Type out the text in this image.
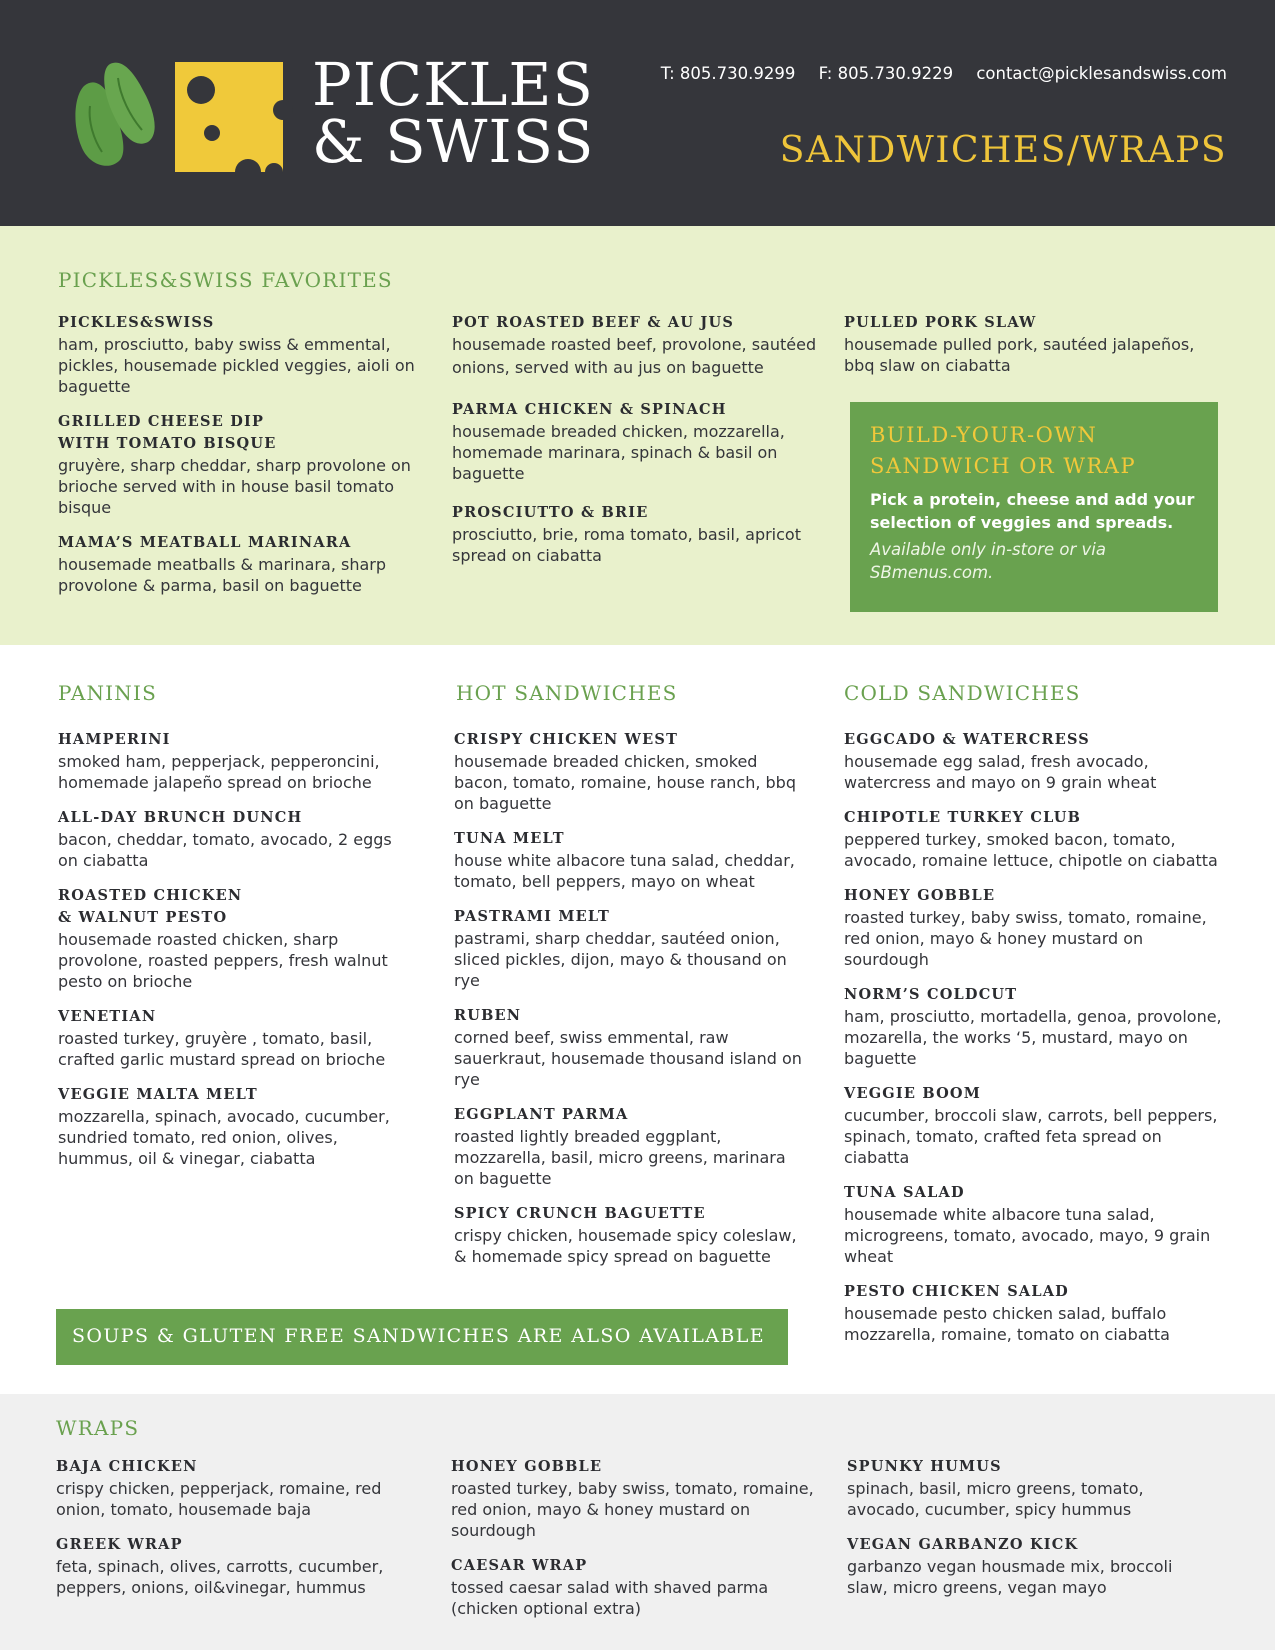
PICKLES
& SWISS
T: 805.730.9299 F: 805.730.9229 contact@picklesandswiss.com
SANDWICHES/WRAPS
PICKLES&SWISS FAVORITES
PICKLES&SWISS
ham, prosciutto, baby swiss & emmental, pickles, housemade pickled veggies, aioli on baguette
GRILLED CHEESE DIP WITH TOMATO BISQUE
gruyère, sharp cheddar, sharp provolone on brioche served with in house basil tomato bisque
MAMA’S MEATBALL MARINARA
housemade meatballs & marinara, sharp provolone & parma, basil on baguette
POT ROASTED BEEF & AU JUS
housemade roasted beef, provolone, sautéed onions, served with au jus on baguette
PARMA CHICKEN & SPINACH
housemade breaded chicken, mozzarella, homemade marinara, spinach & basil on baguette
PROSCIUTTO & BRIE
prosciutto, brie, roma tomato, basil, apricot spread on ciabatta
PULLED PORK SLAW
housemade pulled pork, sautéed jalapeños, bbq slaw on ciabatta
BUILD-YOUR-OWN
SANDWICH OR WRAP
Pick a protein, cheese and add your selection of veggies and spreads.
Available only in-store or via SBmenus.com.
PANINIS	HOT SANDWICHES	COLD SANDWICHES
HAMPERINI
smoked ham, pepperjack, pepperoncini, homemade jalapeño spread on brioche
ALL-DAY BRUNCH DUNCH
bacon, cheddar, tomato, avocado, 2 eggs on ciabatta
ROASTED CHICKEN & WALNUT PESTO
housemade roasted chicken, sharp provolone, roasted peppers, fresh walnut pesto on brioche
VENETIAN
roasted turkey, gruyère , tomato, basil, crafted garlic mustard spread on brioche
VEGGIE MALTA MELT
mozzarella, spinach, avocado, cucumber, sundried tomato, red onion, olives, hummus, oil & vinegar, ciabatta
CRISPY CHICKEN WEST
housemade breaded chicken, smoked bacon, tomato, romaine, house ranch, bbq on baguette
TUNA MELT
house white albacore tuna salad, cheddar, tomato, bell peppers, mayo on wheat
PASTRAMI MELT
pastrami, sharp cheddar, sautéed onion, sliced pickles, dijon, mayo & thousand on rye
RUBEN
corned beef, swiss emmental, raw sauerkraut, housemade thousand island on rye
EGGPLANT PARMA
roasted lightly breaded eggplant, mozzarella, basil, micro greens, marinara on baguette
SPICY CRUNCH BAGUETTE
crispy chicken, housemade spicy coleslaw, & homemade spicy spread on baguette
EGGCADO & WATERCRESS
housemade egg salad, fresh avocado, watercress and mayo on 9 grain wheat
CHIPOTLE TURKEY CLUB
peppered turkey, smoked bacon, tomato, avocado, romaine lettuce, chipotle on ciabatta
HONEY GOBBLE
roasted turkey, baby swiss, tomato, romaine, red onion, mayo & honey mustard on sourdough
NORM’S COLDCUT
ham, prosciutto, mortadella, genoa, provolone, mozarella, the works ‘5, mustard, mayo on baguette
VEGGIE BOOM
cucumber, broccoli slaw, carrots, bell peppers, spinach, tomato, crafted feta spread on ciabatta
TUNA SALAD
housemade white albacore tuna salad, microgreens, tomato, avocado, mayo, 9 grain wheat
PESTO CHICKEN SALAD
housemade pesto chicken salad, buffalo mozzarella, romaine, tomato on ciabatta
SOUPS & GLUTEN FREE SANDWICHES ARE ALSO AVAILABLE
WRAPS
BAJA CHICKEN
crispy chicken, pepperjack, romaine, red onion, tomato, housemade baja
GREEK WRAP
feta, spinach, olives, carrotts, cucumber, peppers, onions, oil&vinegar, hummus
HONEY GOBBLE
roasted turkey, baby swiss, tomato, romaine, red onion, mayo & honey mustard on sourdough
CAESAR WRAP
tossed caesar salad with shaved parma (chicken optional extra)
SPUNKY HUMUS
spinach, basil, micro greens, tomato, avocado, cucumber, spicy hummus
VEGAN GARBANZO KICK
garbanzo vegan housmade mix, broccoli slaw, micro greens, vegan mayo
